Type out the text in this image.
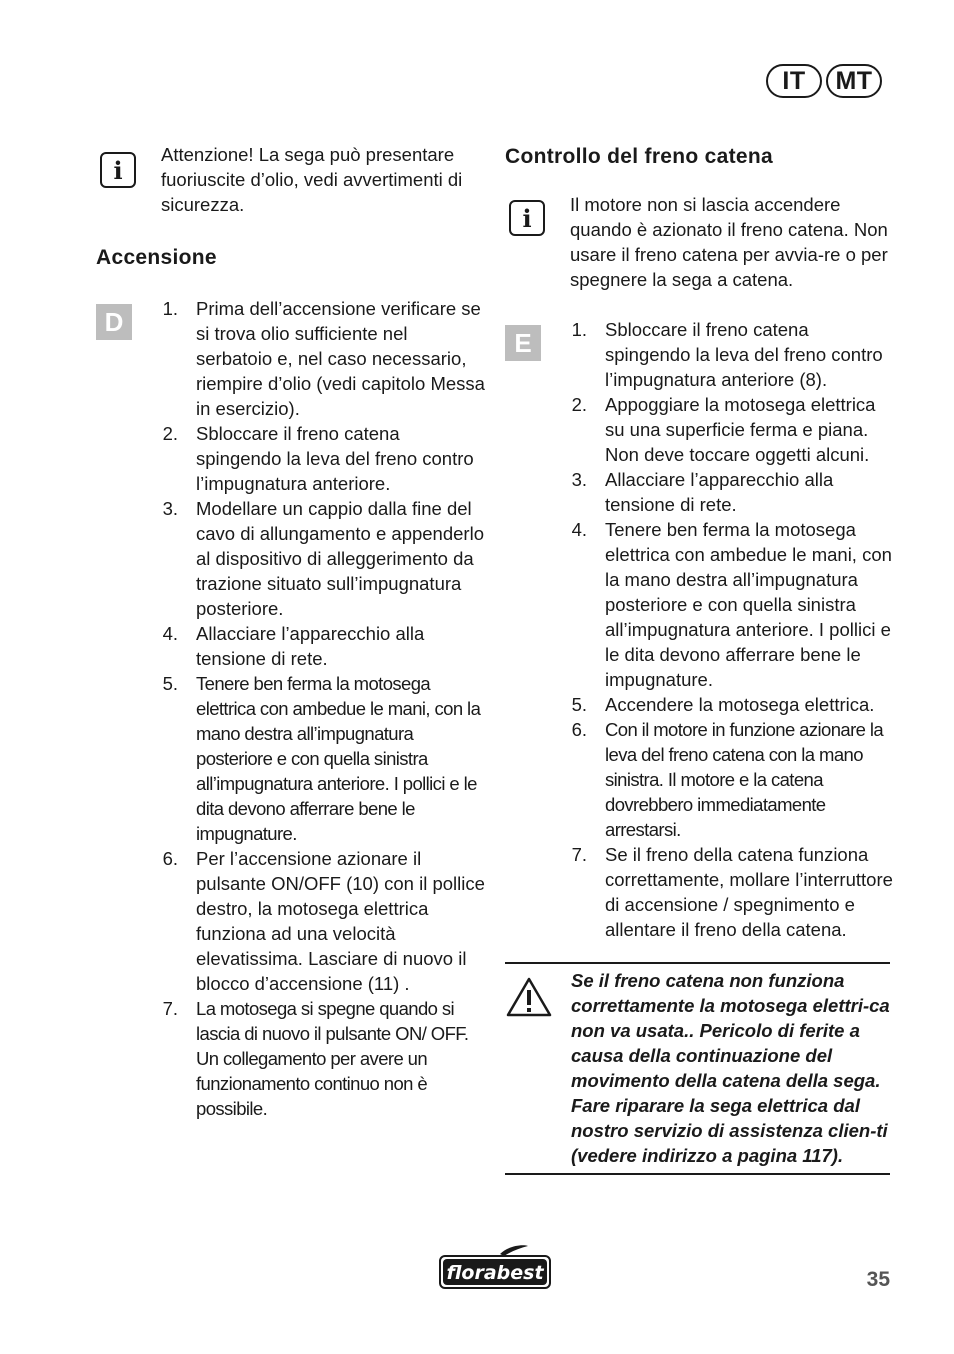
IT	MT
i
Attenzione! La sega può presentare fuoriuscite d’olio, vedi avvertimenti di sicurezza.
Accensione
D	1. Prima dell’accensione verificare se si trova olio sufficiente nel serbatoio e, nel caso necessario, riempire d’olio (vedi capitolo Messa in esercizio).
2. Sbloccare il freno catena spingendo la leva del freno contro l’impugnatura anteriore.
3. Modellare un cappio dalla fine del cavo di allungamento e appenderlo al dispositivo di alleggerimento da trazione situato sull’impugnatura posteriore.
4. Allacciare l’apparecchio alla tensione di rete.
5. Tenere ben ferma la motosega elettrica con ambedue le mani, con la mano destra all’impugnatura posteriore e con quella sinistra all’impugnatura anteriore. I pollici e le dita devono afferrare bene le impugnature.
6. Per l’accensione azionare il pulsante ON/OFF (10) con il pollice destro, la motosega elettrica funziona ad una velocità elevatissima. Lasciare di nuovo il blocco d’accensione (11) .
7. La motosega si spegne quando si lascia di nuovo il pulsante ON/ OFF. Un collegamento per avere un funzionamento continuo non è possibile.
Controllo del freno catena
i	Il motore non si lascia accendere quando è azionato il freno catena. Non usare il freno catena per avvia-re o per spegnere la sega a catena.
E	1. Sbloccare il freno catena spingendo la leva del freno contro l’impugnatura anteriore (8).
2. Appoggiare la motosega elettrica su una superficie ferma e piana. Non deve toccare oggetti alcuni.
3. Allacciare l’apparecchio alla tensione di rete.
4. Tenere ben ferma la motosega elettrica con ambedue le mani, con la mano destra all’impugnatura posteriore e con quella sinistra all’impugnatura anteriore. I pollici e le dita devono afferrare bene le impugnature.
5. Accendere la motosega elettrica.
6. Con il motore in funzione azionare la leva del freno catena con la mano sinistra. Il motore e la catena dovrebbero immediatamente arrestarsi.
7. Se il freno della catena funziona correttamente, mollare l’interruttore di accensione / spegnimento e allentare il freno della catena.
Se il freno catena non funziona correttamente la motosega elettri-ca non va usata.. Pericolo di ferite a causa della continuazione del movimento della catena della sega.
Fare riparare la sega elettrica dal nostro servizio di assistenza clien-ti (vedere indirizzo a pagina 117).
florabest	35
